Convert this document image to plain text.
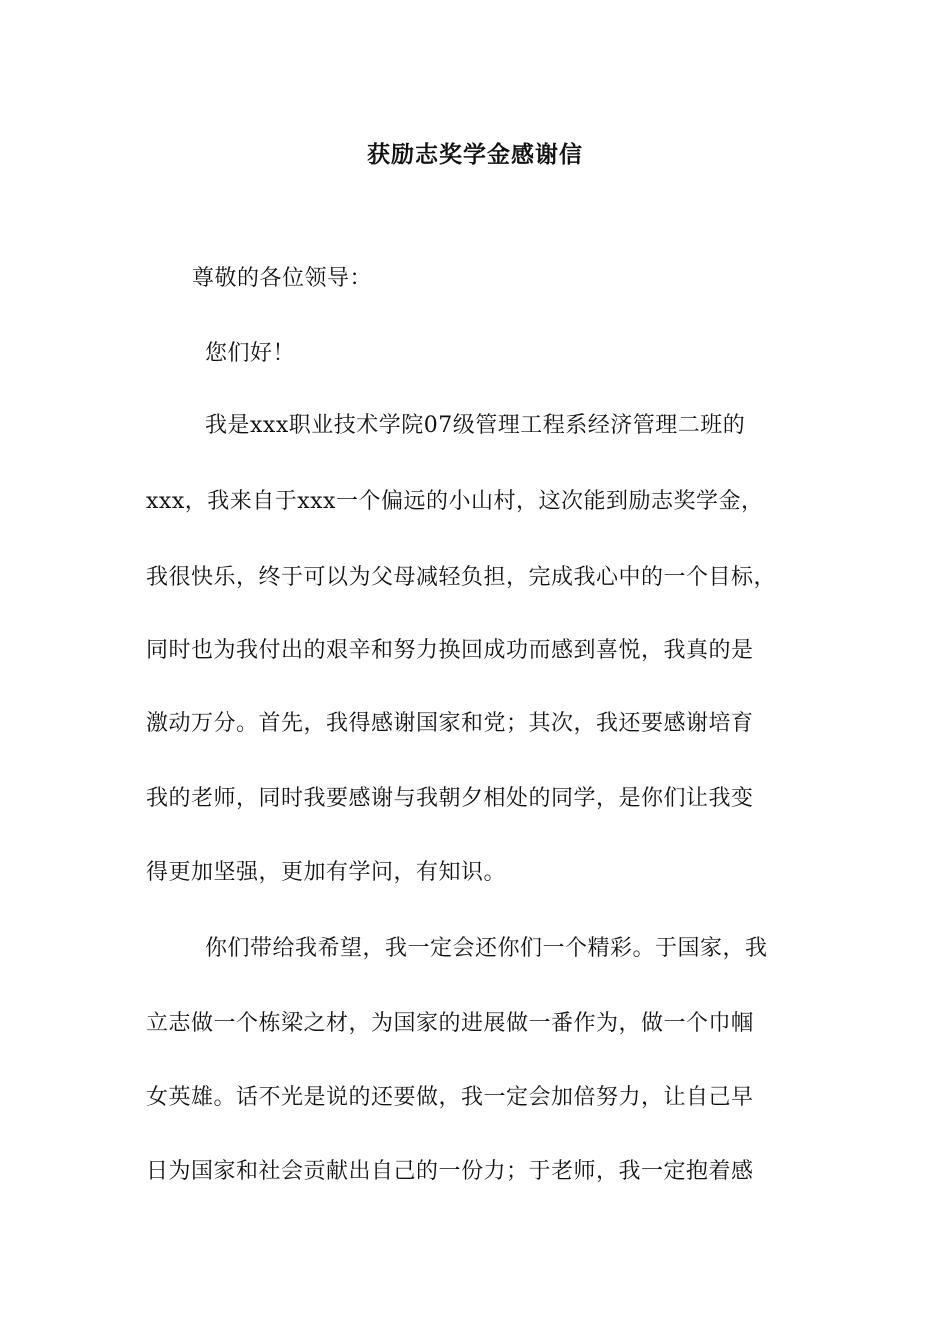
获励志奖学金感谢信
尊敬的各位领导：
您们好！
我是xxx职业技术学院07级管理工程系经济管理二班的
xxx，我来自于xxx一个偏远的小山村，这次能到励志奖学金，
我很快乐，终于可以为父母减轻负担，完成我心中的一个目标，
同时也为我付出的艰辛和努力换回成功而感到喜悦，我真的是
激动万分。首先，我得感谢国家和党；其次，我还要感谢培育
我的老师，同时我要感谢与我朝夕相处的同学，是你们让我变
得更加坚强，更加有学问，有知识。
你们带给我希望，我一定会还你们一个精彩。于国家，我
立志做一个栋梁之材，为国家的进展做一番作为，做一个巾帼
女英雄。话不光是说的还要做，我一定会加倍努力，让自己早
日为国家和社会贡献出自己的一份力；于老师，我一定抱着感
